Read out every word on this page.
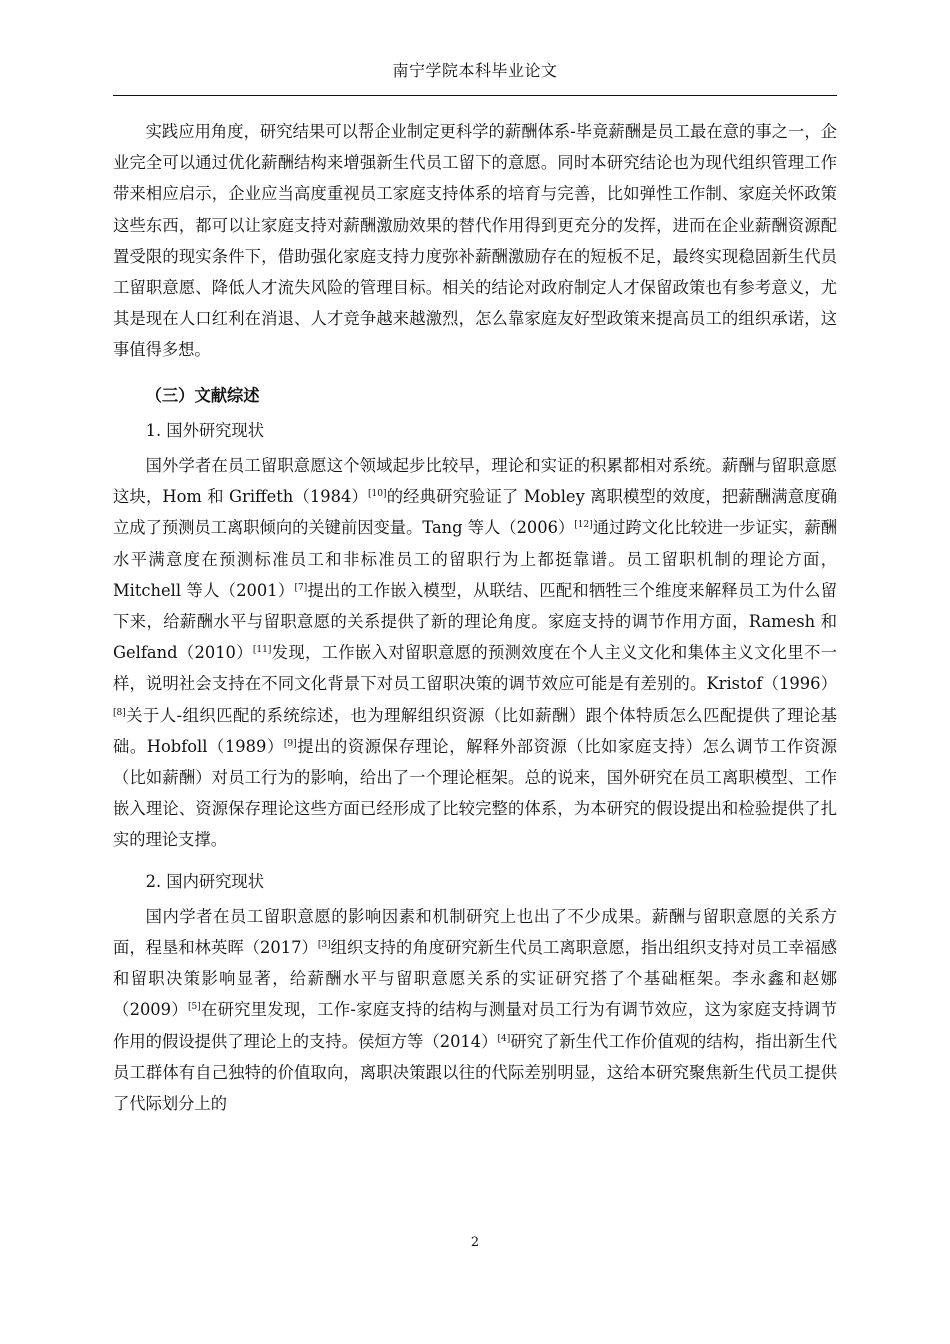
南宁学院本科毕业论文

实践应用角度，研究结果可以帮企业制定更科学的薪酬体系-毕竟薪酬是员工最在意的事之一，企业完全可以通过优化薪酬结构来增强新生代员工留下的意愿。同时本研究结论也为现代组织管理工作带来相应启示，企业应当高度重视员工家庭支持体系的培育与完善，比如弹性工作制、家庭关怀政策这些东西，都可以让家庭支持对薪酬激励效果的替代作用得到更充分的发挥，进而在企业薪酬资源配置受限的现实条件下，借助强化家庭支持力度弥补薪酬激励存在的短板不足，最终实现稳固新生代员工留职意愿、降低人才流失风险的管理目标。相关的结论对政府制定人才保留政策也有参考意义，尤其是现在人口红利在消退、人才竞争越来越激烈，怎么靠家庭友好型政策来提高员工的组织承诺，这事值得多想。

（三）文献综述
1. 国外研究现状

国外学者在员工留职意愿这个领域起步比较早，理论和实证的积累都相对系统。薪酬与留职意愿这块，Hom 和 Griffeth（1984）[10]的经典研究验证了 Mobley 离职模型的效度，把薪酬满意度确立成了预测员工离职倾向的关键前因变量。Tang 等人（2006）[12]通过跨文化比较进一步证实，薪酬水平满意度在预测标准员工和非标准员工的留职行为上都挺靠谱。员工留职机制的理论方面，Mitchell 等人（2001）[7]提出的工作嵌入模型，从联结、匹配和牺牲三个维度来解释员工为什么留下来，给薪酬水平与留职意愿的关系提供了新的理论角度。家庭支持的调节作用方面，Ramesh 和 Gelfand（2010）[11]发现，工作嵌入对留职意愿的预测效度在个人主义文化和集体主义文化里不一样，说明社会支持在不同文化背景下对员工留职决策的调节效应可能是有差别的。Kristof（1996）[8]关于人-组织匹配的系统综述，也为理解组织资源（比如薪酬）跟个体特质怎么匹配提供了理论基础。Hobfoll（1989）[9]提出的资源保存理论，解释外部资源（比如家庭支持）怎么调节工作资源（比如薪酬）对员工行为的影响，给出了一个理论框架。总的说来，国外研究在员工离职模型、工作嵌入理论、资源保存理论这些方面已经形成了比较完整的体系，为本研究的假设提出和检验提供了扎实的理论支撑。

2. 国内研究现状

国内学者在员工留职意愿的影响因素和机制研究上也出了不少成果。薪酬与留职意愿的关系方面，程垦和林英晖（2017）[3]组织支持的角度研究新生代员工离职意愿，指出组织支持对员工幸福感和留职决策影响显著，给薪酬水平与留职意愿关系的实证研究搭了个基础框架。李永鑫和赵娜（2009）[5]在研究里发现，工作-家庭支持的结构与测量对员工行为有调节效应，这为家庭支持调节作用的假设提供了理论上的支持。侯烜方等（2014）[4]研究了新生代工作价值观的结构，指出新生代员工群体有自己独特的价值取向，离职决策跟以往的代际差别明显，这给本研究聚焦新生代员工提供了代际划分上的

2
